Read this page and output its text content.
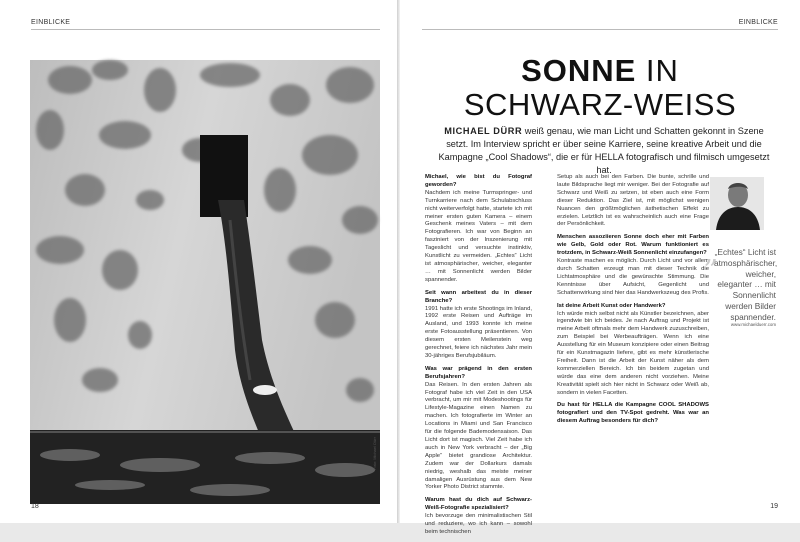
EINBLICKE
Foto: Michael Dürr
18
EINBLICKE
SONNE IN
SCHWARZ-WEISS
MICHAEL DÜRR weiß genau, wie man Licht und Schatten gekonnt in Szene setzt. Im Interview spricht er über seine Karriere, seine kreative Arbeit und die Kampagne „Cool Shadows“, die er für HELLA fotografisch und filmisch umgesetzt hat.

Michael, wie bist du Fotograf geworden?
Nachdem ich meine Turmspringer- und Turnkarriere nach dem Schulabschluss nicht weiterverfolgt hatte, startete ich mit meiner ersten guten Kamera – einem Geschenk meines Vaters – mit dem Fotografieren. Ich war von Beginn an fasziniert von der Inszenierung mit Tageslicht und versuchte instinktiv, Kunstlicht zu vermeiden. „Echtes“ Licht ist atmosphärischer, weicher, eleganter … mit Sonnenlicht werden Bilder spannender.

Seit wann arbeitest du in dieser Branche?
1991 hatte ich erste Shootings im Inland, 1992 erste Reisen und Aufträge im Ausland, und 1993 konnte ich meine erste Fotoausstellung präsentieren. Von diesem ersten Meilenstein weg gerechnet, feiere ich nächstes Jahr mein 30-jähriges Berufsjubiläum.

Was war prägend in den ersten Berufsjahren?
Das Reisen. In den ersten Jahren als Fotograf habe ich viel Zeit in den USA verbracht, um mir mit Modeshootings für Lifestyle-Magazine einen Namen zu machen. Ich fotografierte im Winter an Locations in Miami und San Francisco für die folgende Bademodensaison. Das Licht dort ist magisch. Viel Zeit habe ich auch in New York verbracht – der „Big Apple“ bietet grandiose Architektur. Zudem war der Dollarkurs damals niedrig, weshalb das meiste meiner damaligen Ausrüstung aus dem New Yorker Photo District stammte.

Warum hast du dich auf Schwarz-Weiß-Fotografie spezialisiert?
Ich bevorzuge den minimalistischen Stil und reduziere, wo ich kann – sowohl beim technischen

Setup als auch bei den Farben. Die bunte, schrille und laute Bildsprache liegt mir weniger. Bei der Fotografie auf Schwarz und Weiß zu setzen, ist eben auch eine Form dieser Reduktion. Das Ziel ist, mit möglichst wenigen Nuancen den größtmöglichen ästhetischen Effekt zu erzielen. Letztlich ist es wahrscheinlich auch eine Frage der Persönlichkeit.

Menschen assoziieren Sonne doch eher mit Farben wie Gelb, Gold oder Rot. Warum funktioniert es trotzdem, in Schwarz-Weiß Sonnenlicht einzufangen?
Kontraste machen es möglich. Durch Licht und vor allem durch Schatten erzeugt man mit dieser Technik die Lichtatmosphäre und die gewünschte Stimmung. Die Kenntnisse über Aufsicht, Gegenlicht und Schattenwirkung sind hier das Handwerkszeug des Profis.

Ist deine Arbeit Kunst oder Handwerk?
Ich würde mich selbst nicht als Künstler bezeichnen, aber irgendwie bin ich beides. Je nach Auftrag und Projekt ist meine Arbeit oftmals mehr dem Handwerk zuzuschreiben, zum Beispiel bei Werbeaufträgen. Wenn ich eine Ausstellung für ein Museum konzipiere oder einen Beitrag für ein Kunstmagazin liefere, gibt es mehr künstlerische Freiheit. Dann ist die Arbeit der Kunst näher als dem kommerziellen Bereich. Ich bin beidem zugetan und würde das eine dem anderen nicht vorziehen. Meine Kreativität spielt sich hier nicht in Schwarz oder Weiß ab, sondern in vielen Facetten.

Du hast für HELLA die Kampagne COOL SHADOWS fotografiert und den TV-Spot gedreht. Was war an diesem Auftrag besonders für dich?

„
„Echtes“ Licht ist atmosphärischer, weicher, eleganter … mit Sonnenlicht werden Bilder spannender.
www.michaelduerr.com
19
